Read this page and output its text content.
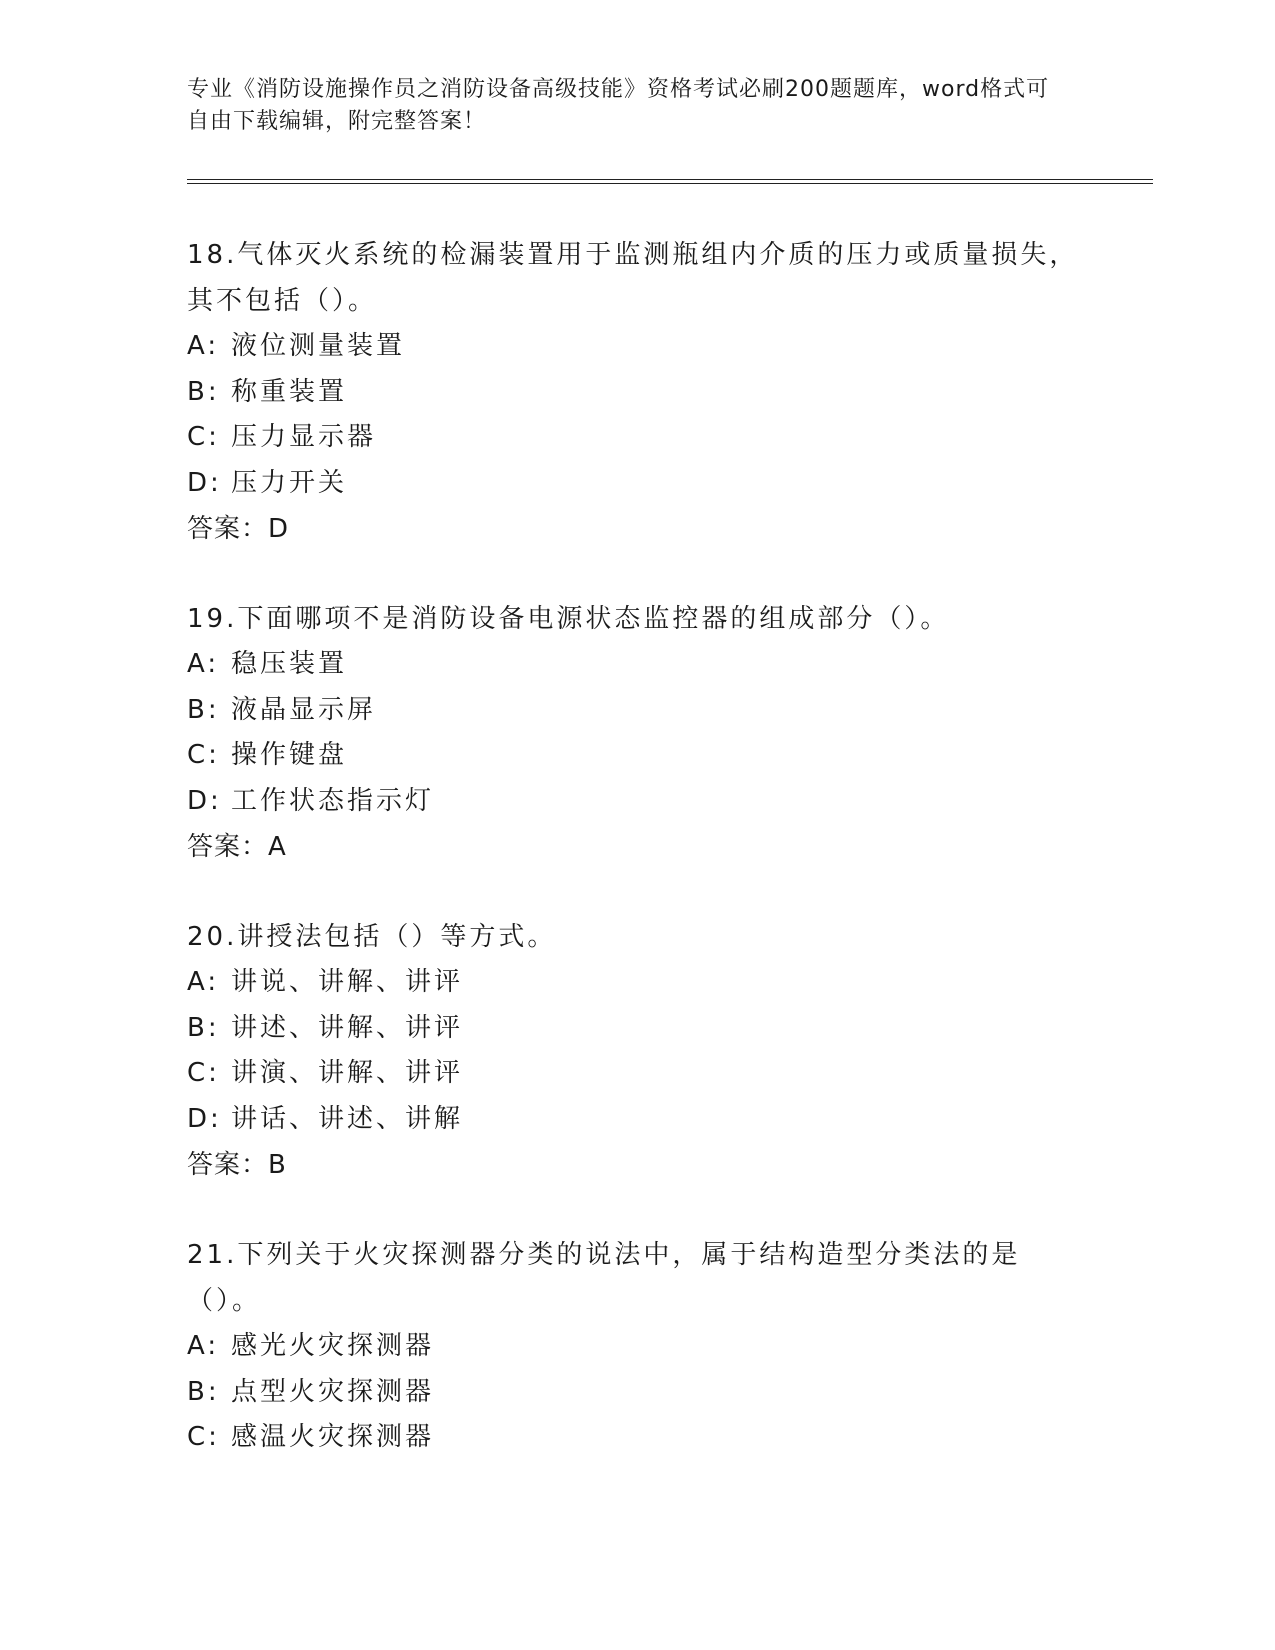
专业《消防设施操作员之消防设备高级技能》资格考试必刷200题题库，word格式可自由下载编辑，附完整答案！

18.气体灭火系统的检漏装置用于监测瓶组内介质的压力或质量损失，其不包括（）。

A: 液位测量装置

B: 称重装置

C: 压力显示器

D: 压力开关

答案：D

19.下面哪项不是消防设备电源状态监控器的组成部分（）。

A: 稳压装置

B: 液晶显示屏

C: 操作键盘

D: 工作状态指示灯

答案：A

20.讲授法包括（）等方式。

A: 讲说、讲解、讲评

B: 讲述、讲解、讲评

C: 讲演、讲解、讲评

D: 讲话、讲述、讲解

答案：B

21.下列关于火灾探测器分类的说法中，属于结构造型分类法的是（）。

A: 感光火灾探测器

B: 点型火灾探测器

C: 感温火灾探测器
